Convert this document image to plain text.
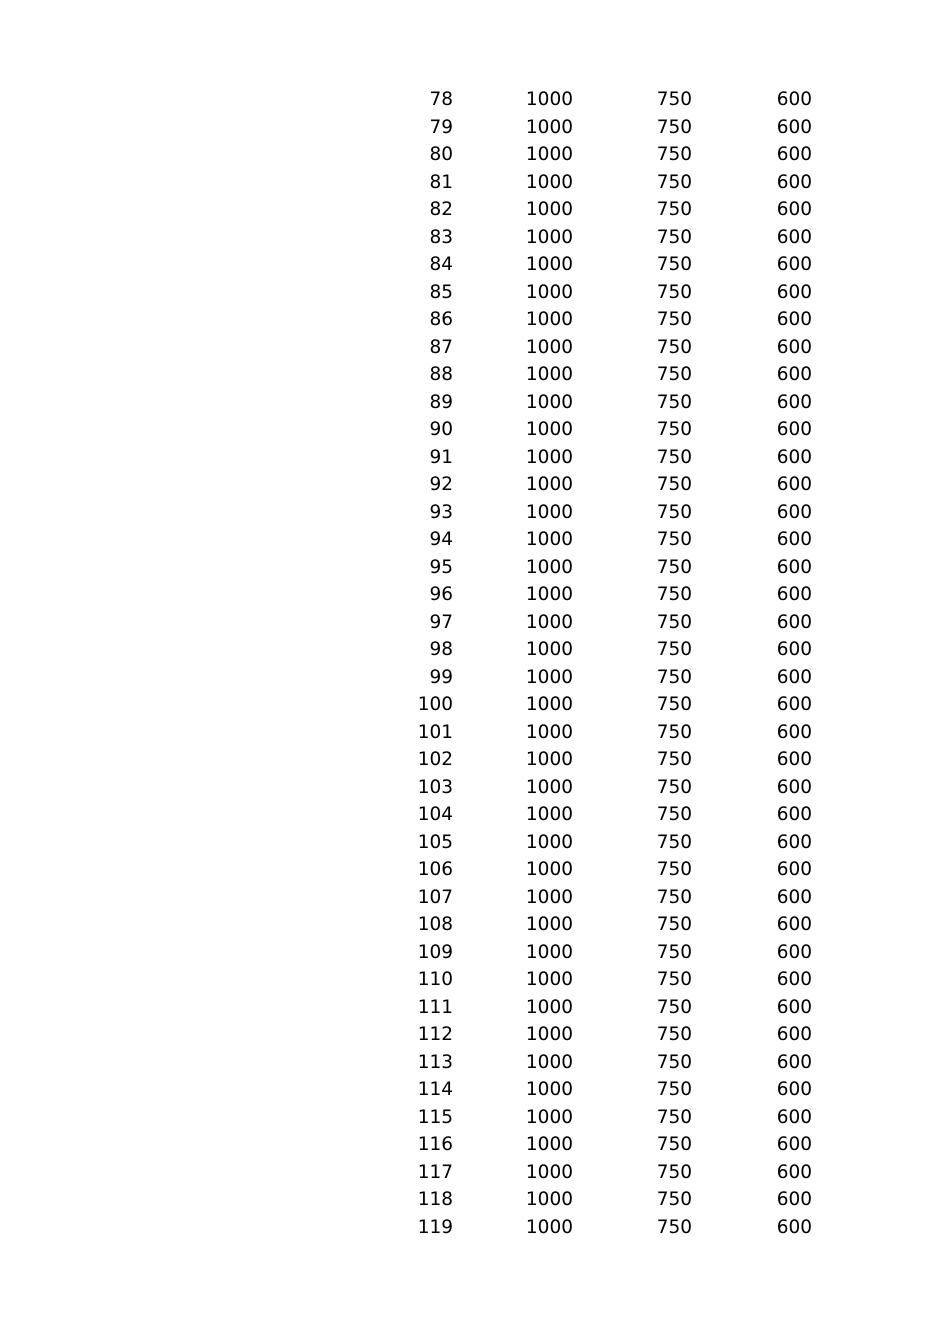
78	1000	750	600
79	1000	750	600
80	1000	750	600
81	1000	750	600
82	1000	750	600
83	1000	750	600
84	1000	750	600
85	1000	750	600
86	1000	750	600
87	1000	750	600
88	1000	750	600
89	1000	750	600
90	1000	750	600
91	1000	750	600
92	1000	750	600
93	1000	750	600
94	1000	750	600
95	1000	750	600
96	1000	750	600
97	1000	750	600
98	1000	750	600
99	1000	750	600
100	1000	750	600
101	1000	750	600
102	1000	750	600
103	1000	750	600
104	1000	750	600
105	1000	750	600
106	1000	750	600
107	1000	750	600
108	1000	750	600
109	1000	750	600
110	1000	750	600
111	1000	750	600
112	1000	750	600
113	1000	750	600
114	1000	750	600
115	1000	750	600
116	1000	750	600
117	1000	750	600
118	1000	750	600
119	1000	750	600
